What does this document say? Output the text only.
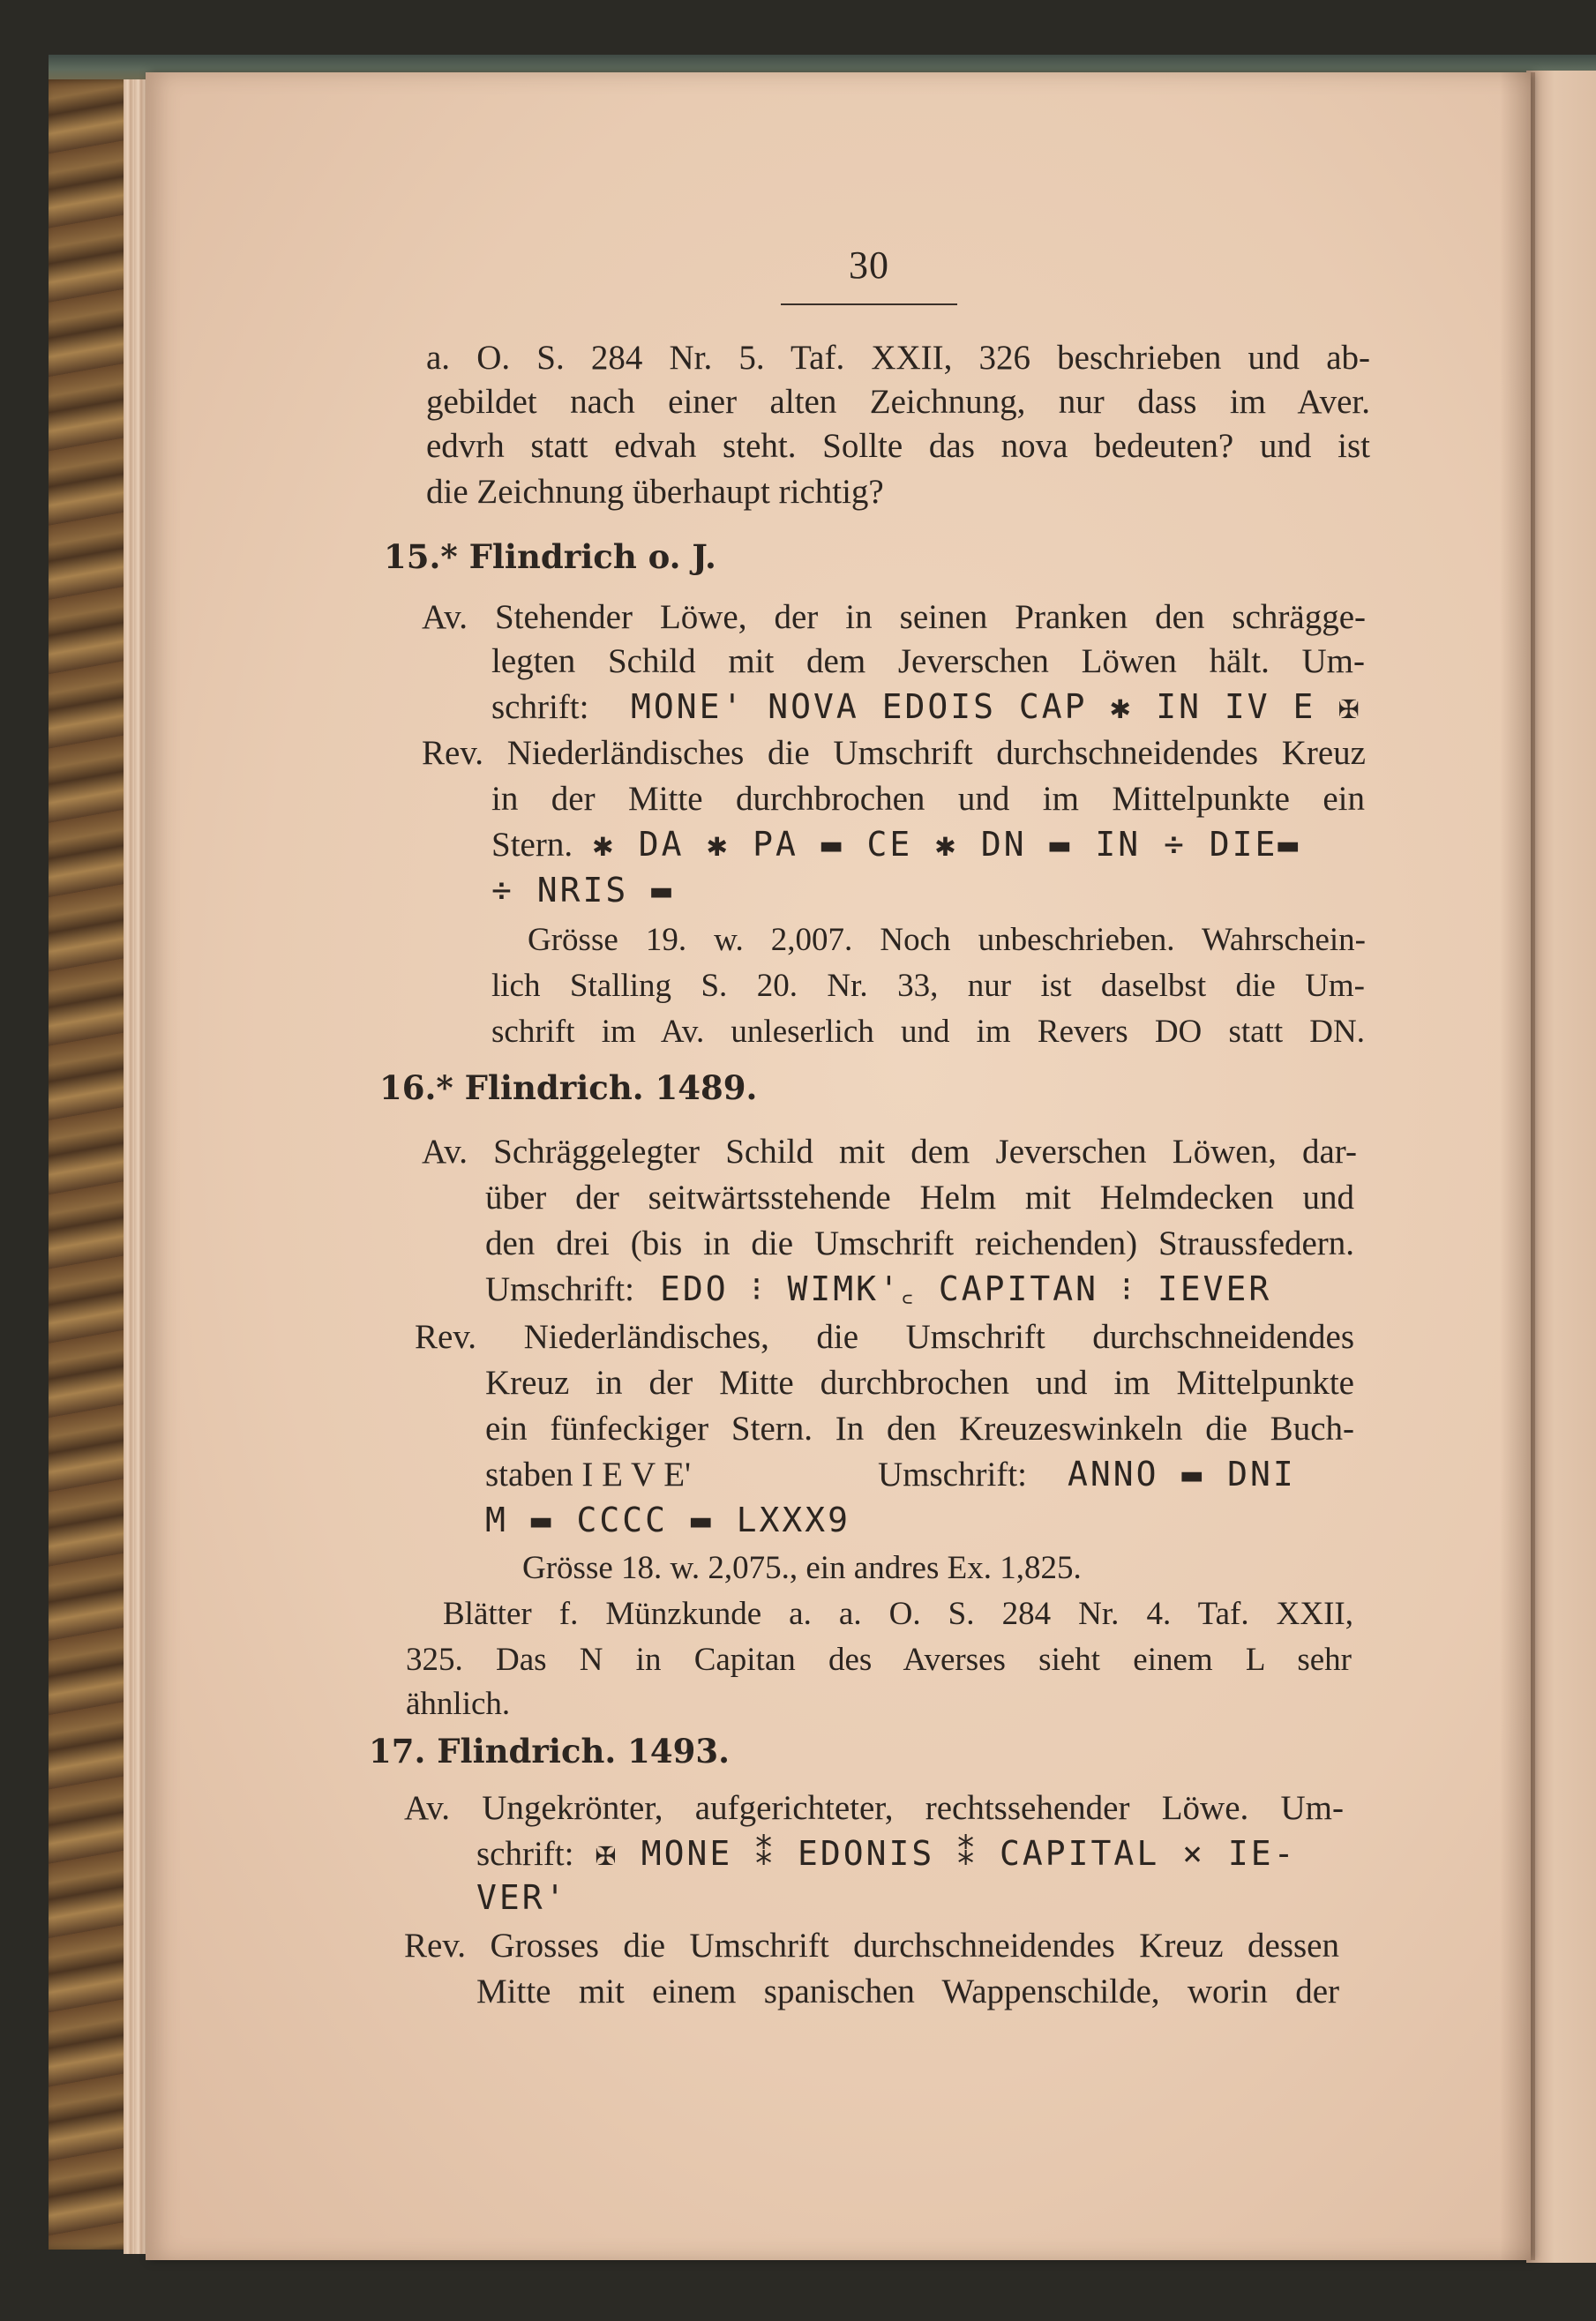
30
a. O. S. 284 Nr. 5. Taf. XXII, 326 beschrieben und ab-
gebildet nach einer alten Zeichnung, nur dass im Aver.
edvrh statt edvah steht. Sollte das nova bedeuten? und ist
die Zeichnung überhaupt richtig?
15.* Flindrich o. J.
Av. Stehender Löwe, der in seinen Pranken den schrägge-
legten Schild mit dem Jeverschen Löwen hält. Um-
schrift: MONE' NOVA EDOIS CAP ✱ IN IV E ✠
Rev. Niederländisches die Umschrift durchschneidendes Kreuz
in der Mitte durchbrochen und im Mittelpunkte ein
Stern. ✱ DA ✱ PA ▬ CE ✱ DN ▬ IN ÷ DIE▬
÷ NRIS ▬
Grösse 19. w. 2,007. Noch unbeschrieben. Wahrschein-
lich Stalling S. 20. Nr. 33, nur ist daselbst die Um-
schrift im Av. unleserlich und im Revers DO statt DN.
16.* Flindrich. 1489.
Av. Schräggelegter Schild mit dem Jeverschen Löwen, dar-
über der seitwärtsstehende Helm mit Helmdecken und
den drei (bis in die Umschrift reichenden) Straussfedern.
Umschrift: EDO ⁝ WIMK'꜀ CAPITAN ⁝ IEVER
Rev. Niederländisches, die Umschrift durchschneidendes
Kreuz in der Mitte durchbrochen und im Mittelpunkte
ein fünfeckiger Stern. In den Kreuzeswinkeln die Buch-
staben I E V E'	Umschrift: ANNO ▬ DNI
M ▬ CCCC ▬ LXXX9
Grösse 18. w. 2,075., ein andres Ex. 1,825.
Blätter f. Münzkunde a. a. O. S. 284 Nr. 4. Taf. XXII,
325. Das N in Capitan des Averses sieht einem L sehr
ähnlich.
17. Flindrich. 1493.
Av. Ungekrönter, aufgerichteter, rechtssehender Löwe. Um-
schrift: ✠ MONE ⁑ EDONIS ⁑ CAPITAL × IE-
VER'
Rev. Grosses die Umschrift durchschneidendes Kreuz dessen
Mitte mit einem spanischen Wappenschilde, worin der
